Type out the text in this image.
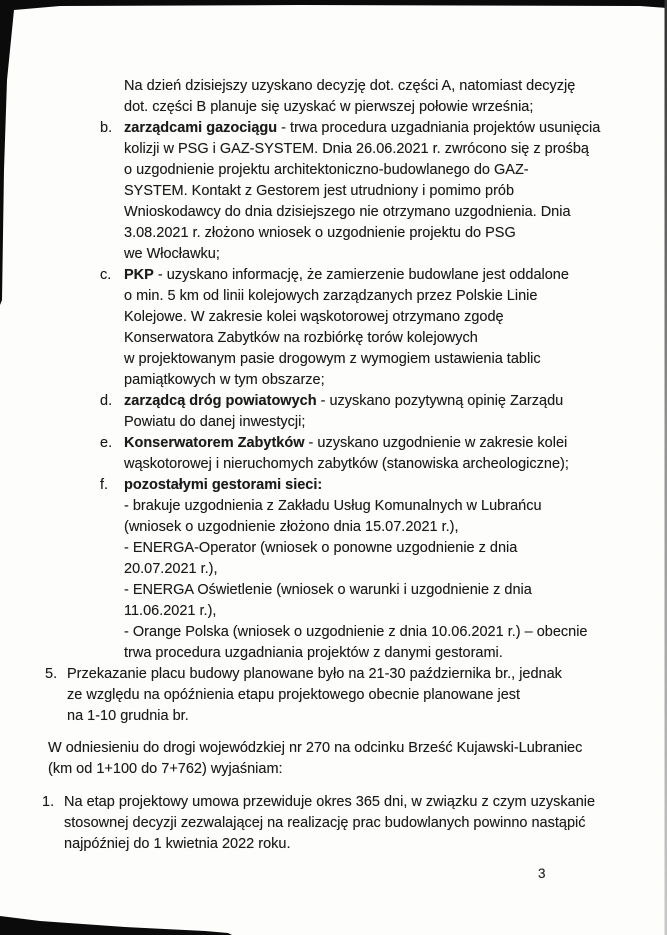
Na dzień dzisiejszy uzyskano decyzję dot. części A, natomiast decyzję
dot. części B planuje się uzyskać w pierwszej połowie września;
b. zarządcami gazociągu - trwa procedura uzgadniania projektów usunięcia
kolizji w PSG i GAZ-SYSTEM. Dnia 26.06.2021 r. zwrócono się z prośbą
o uzgodnienie projektu architektoniczno-budowlanego do GAZ-
SYSTEM. Kontakt z Gestorem jest utrudniony i pomimo prób
Wnioskodawcy do dnia dzisiejszego nie otrzymano uzgodnienia. Dnia
3.08.2021 r. złożono wniosek o uzgodnienie projektu do PSG
we Włocławku;
c. PKP - uzyskano informację, że zamierzenie budowlane jest oddalone
o min. 5 km od linii kolejowych zarządzanych przez Polskie Linie
Kolejowe. W zakresie kolei wąskotorowej otrzymano zgodę
Konserwatora Zabytków na rozbiórkę torów kolejowych
w projektowanym pasie drogowym z wymogiem ustawienia tablic
pamiątkowych w tym obszarze;
d. zarządcą dróg powiatowych - uzyskano pozytywną opinię Zarządu
Powiatu do danej inwestycji;
e. Konserwatorem Zabytków - uzyskano uzgodnienie w zakresie kolei
wąskotorowej i nieruchomych zabytków (stanowiska archeologiczne);
f.	pozostałymi gestorami sieci:
- brakuje uzgodnienia z Zakładu Usług Komunalnych w Lubrańcu
(wniosek o uzgodnienie złożono dnia 15.07.2021 r.),
- ENERGA-Operator (wniosek o ponowne uzgodnienie z dnia
20.07.2021 r.),
- ENERGA Oświetlenie (wniosek o warunki i uzgodnienie z dnia
11.06.2021 r.),
- Orange Polska (wniosek o uzgodnienie z dnia 10.06.2021 r.) – obecnie
trwa procedura uzgadniania projektów z danymi gestorami.
5. Przekazanie placu budowy planowane było na 21-30 października br., jednak
ze względu na opóźnienia etapu projektowego obecnie planowane jest
na 1-10 grudnia br.
W odniesieniu do drogi wojewódzkiej nr 270 na odcinku Brześć Kujawski-Lubraniec
(km od 1+100 do 7+762) wyjaśniam:
1. Na etap projektowy umowa przewiduje okres 365 dni, w związku z czym uzyskanie
stosownej decyzji zezwalającej na realizację prac budowlanych powinno nastąpić
najpóźniej do 1 kwietnia 2022 roku.
3
